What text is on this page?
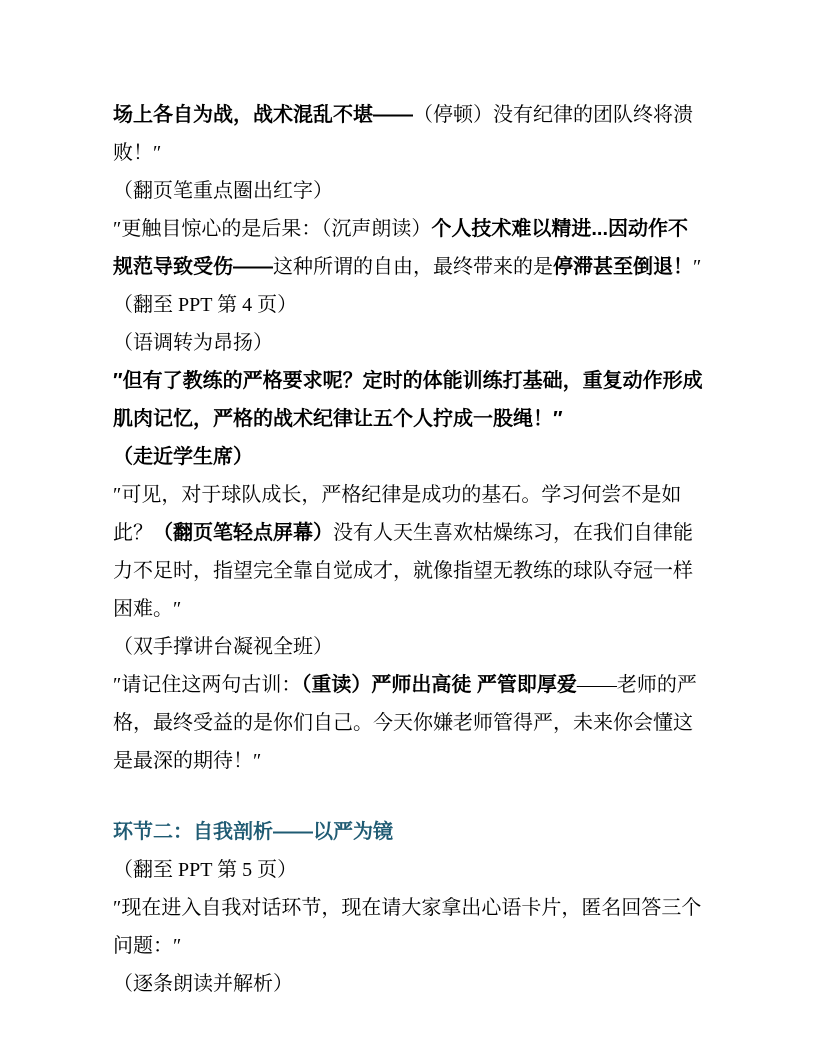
场上各自为战，战术混乱不堪——（停顿）没有纪律的团队终将溃败！″

（翻页笔重点圈出红字）

″更触目惊心的是后果：（沉声朗读）个人技术难以精进...因动作不规范导致受伤——这种所谓的自由，最终带来的是停滞甚至倒退！″

（翻至 PPT 第 4 页）

（语调转为昂扬）

″但有了教练的严格要求呢？定时的体能训练打基础，重复动作形成肌肉记忆，严格的战术纪律让五个人拧成一股绳！″

（走近学生席）

″可见，对于球队成长，严格纪律是成功的基石。学习何尝不是如此？（翻页笔轻点屏幕）没有人天生喜欢枯燥练习，在我们自律能力不足时，指望完全靠自觉成才，就像指望无教练的球队夺冠一样困难。″

（双手撑讲台凝视全班）

″请记住这两句古训：（重读）严师出高徒 严管即厚爱——老师的严格，最终受益的是你们自己。今天你嫌老师管得严，未来你会懂这是最深的期待！″

环节二：自我剖析——以严为镜

（翻至 PPT 第 5 页）

″现在进入自我对话环节，现在请大家拿出心语卡片，匿名回答三个问题：″

（逐条朗读并解析）
